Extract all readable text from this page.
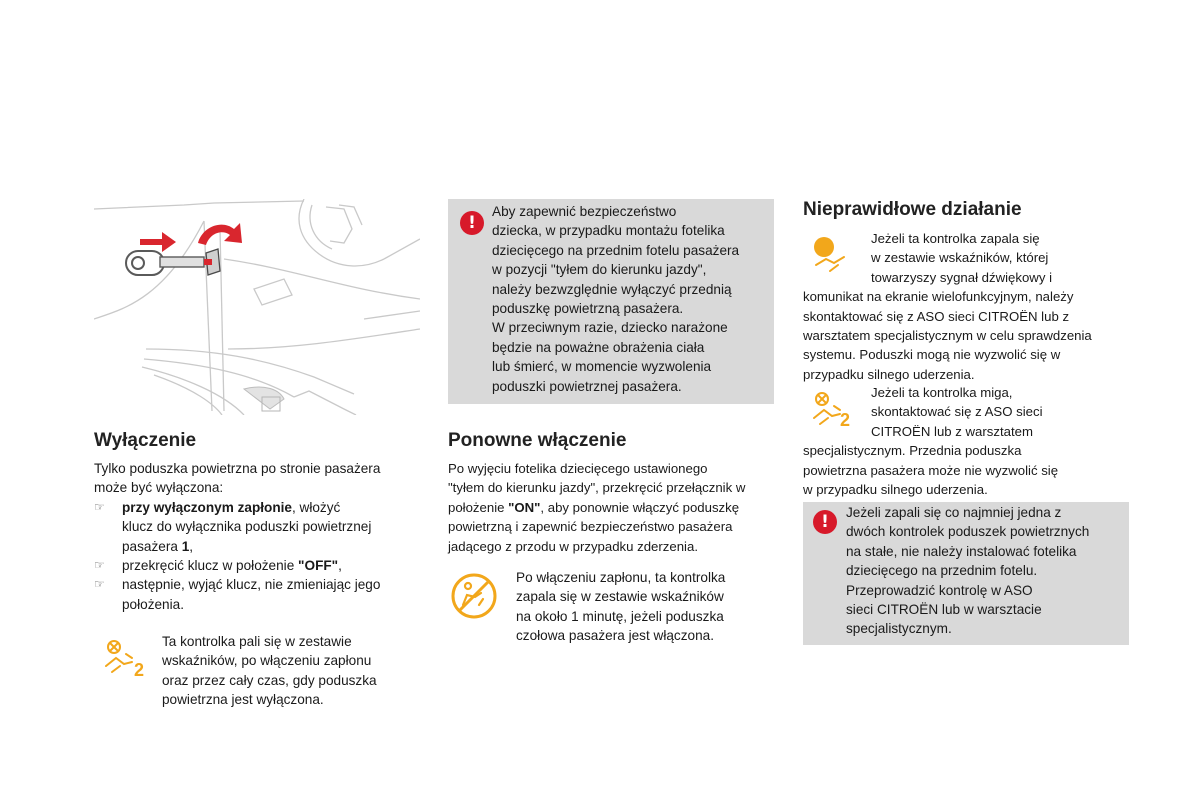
Wyłączenie
Tylko poduszka powietrzna po stronie pasażera
może być wyłączona:
☞ przy wyłączonym zapłonie, włożyć
klucz do wyłącznika poduszki powietrznej
pasażera 1,
☞ przekręcić klucz w położenie "OFF",
☞ następnie, wyjąć klucz, nie zmieniając jego
położenia.
2
Ta kontrolka pali się w zestawie
wskaźników, po włączeniu zapłonu
oraz przez cały czas, gdy poduszka
powietrzna jest wyłączona.
!
Aby zapewnić bezpieczeństwo
dziecka, w przypadku montażu fotelika
dziecięcego na przednim fotelu pasażera
w pozycji "tyłem do kierunku jazdy",
należy bezwzględnie wyłączyć przednią
poduszkę powietrzną pasażera.
W przeciwnym razie, dziecko narażone
będzie na poważne obrażenia ciała
lub śmierć, w momencie wyzwolenia
poduszki powietrznej pasażera.
Ponowne włączenie
Po wyjęciu fotelika dziecięcego ustawionego
"tyłem do kierunku jazdy", przekręcić przełącznik w
położenie "ON", aby ponownie włączyć poduszkę
powietrzną i zapewnić bezpieczeństwo pasażera
jadącego z przodu w przypadku zderzenia.
Po włączeniu zapłonu, ta kontrolka
zapala się w zestawie wskaźników
na około 1 minutę, jeżeli poduszka
czołowa pasażera jest włączona.
Nieprawidłowe działanie
Jeżeli ta kontrolka zapala się
w zestawie wskaźników, której
towarzyszy sygnał dźwiękowy i
komunikat na ekranie wielofunkcyjnym, należy
skontaktować się z ASO sieci CITROËN lub z
warsztatem specjalistycznym w celu sprawdzenia
systemu. Poduszki mogą nie wyzwolić się w
przypadku silnego uderzenia.
2
Jeżeli ta kontrolka miga,
skontaktować się z ASO sieci
CITROËN lub z warsztatem
specjalistycznym. Przednia poduszka
powietrzna pasażera może nie wyzwolić się
w przypadku silnego uderzenia.
!	Jeżeli zapali się co najmniej jedna z
dwóch kontrolek poduszek powietrznych
na stałe, nie należy instalować fotelika
dziecięcego na przednim fotelu.
Przeprowadzić kontrolę w ASO
sieci CITROËN lub w warsztacie
specjalistycznym.
